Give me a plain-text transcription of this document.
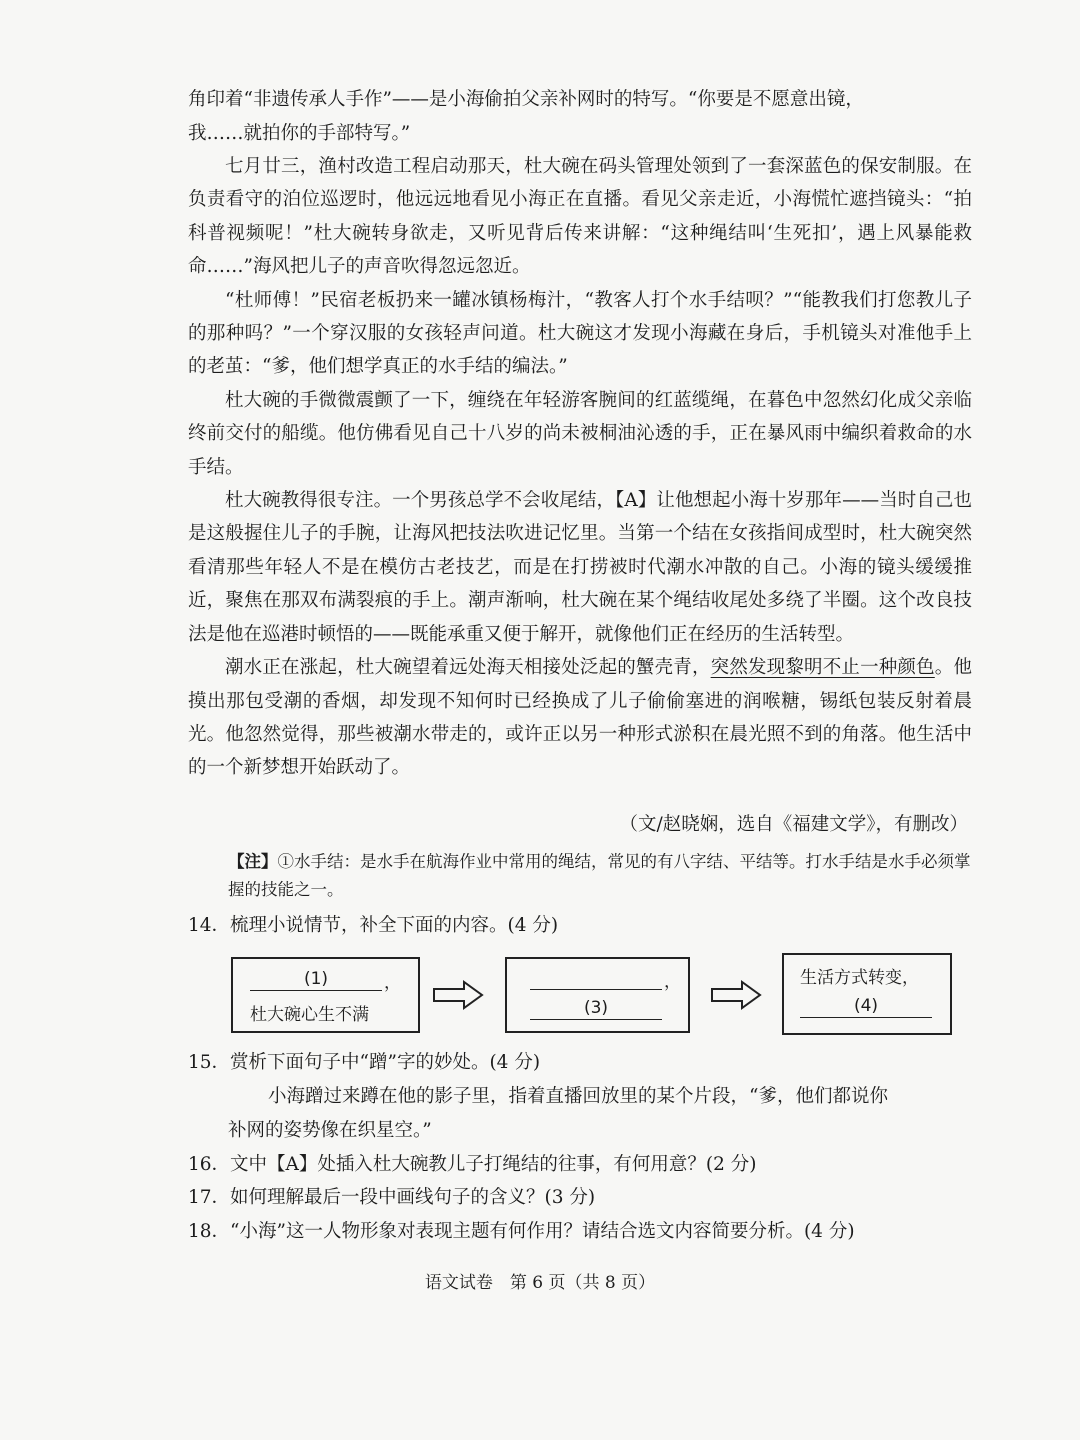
角印着“非遗传承人手作”——是小海偷拍父亲补网时的特写。“你要是不愿意出镜，
我……就拍你的手部特写。”

七月廿三，渔村改造工程启动那天，杜大碗在码头管理处领到了一套深蓝色的保安制服。在负责看守的泊位巡逻时，他远远地看见小海正在直播。看见父亲走近，小海慌忙遮挡镜头：“拍科普视频呢！”杜大碗转身欲走，又听见背后传来讲解：“这种绳结叫‘生死扣’，遇上风暴能救命……”海风把儿子的声音吹得忽远忽近。

“杜师傅！”民宿老板扔来一罐冰镇杨梅汁，“教客人打个水手结呗？”“能教我们打您教儿子的那种吗？”一个穿汉服的女孩轻声问道。杜大碗这才发现小海藏在身后，手机镜头对准他手上的老茧：“爹，他们想学真正的水手结的编法。”

杜大碗的手微微震颤了一下，缠绕在年轻游客腕间的红蓝缆绳，在暮色中忽然幻化成父亲临终前交付的船缆。他仿佛看见自己十八岁的尚未被桐油沁透的手，正在暴风雨中编织着救命的水手结。

杜大碗教得很专注。一个男孩总学不会收尾结，【A】让他想起小海十岁那年——当时自己也是这般握住儿子的手腕，让海风把技法吹进记忆里。当第一个结在女孩指间成型时，杜大碗突然看清那些年轻人不是在模仿古老技艺，而是在打捞被时代潮水冲散的自己。小海的镜头缓缓推近，聚焦在那双布满裂痕的手上。潮声渐响，杜大碗在某个绳结收尾处多绕了半圈。这个改良技法是他在巡港时顿悟的——既能承重又便于解开，就像他们正在经历的生活转型。

潮水正在涨起，杜大碗望着远处海天相接处泛起的蟹壳青，突然发现黎明不止一种颜色。他摸出那包受潮的香烟，却发现不知何时已经换成了儿子偷偷塞进的润喉糖，锡纸包装反射着晨光。他忽然觉得，那些被潮水带走的，或许正以另一种形式淤积在晨光照不到的角落。他生活中的一个新梦想开始跃动了。

（文/赵晓娴，选自《福建文学》，有删改）
【注】①水手结：是水手在航海作业中常用的绳结，常见的有八字结、平结等。打水手结是水手必须掌握的技能之一。
14．梳理小说情节，补全下面的内容。(4 分)
(1)	，
杜大碗心生不满
，
(3)
生活方式转变，
(4)
15．赏析下面句子中“蹭”字的妙处。(4 分)
小海蹭过来蹲在他的影子里，指着直播回放里的某个片段，“爹，他们都说你
补网的姿势像在织星空。”
16．文中【A】处插入杜大碗教儿子打绳结的往事，有何用意？(2 分)
17．如何理解最后一段中画线句子的含义？(3 分)
18．“小海”这一人物形象对表现主题有何作用？请结合选文内容简要分析。(4 分)
语文试卷　第 6 页（共 8 页）
